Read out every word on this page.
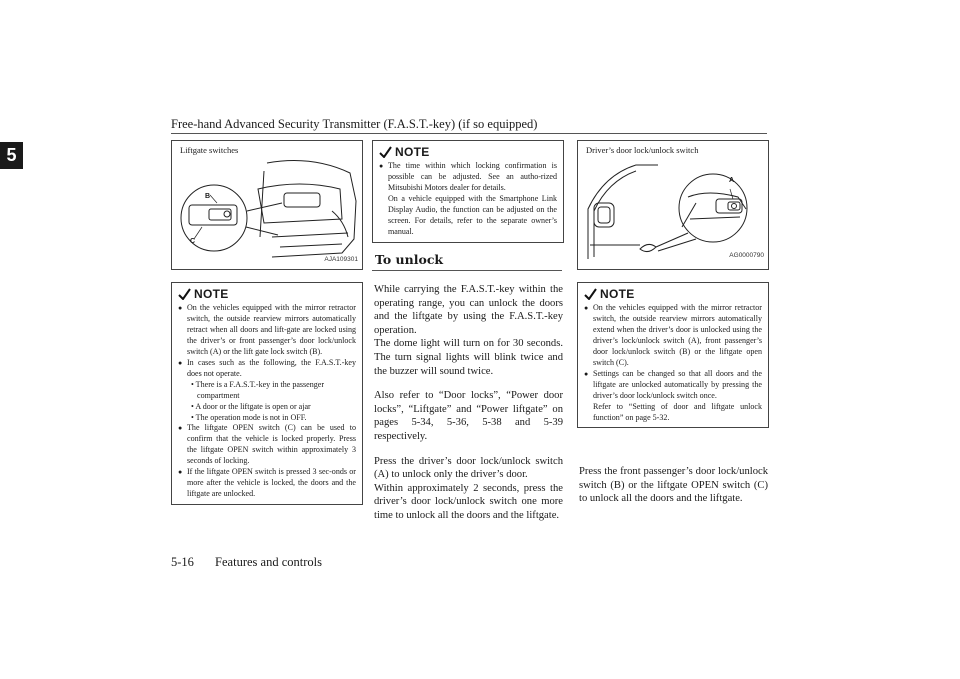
Free-hand Advanced Security Transmitter (F.A.S.T.-key) (if so equipped)
5	Liftgate switches
B
C
AJA109301
NOTE
● On the vehicles equipped with the mirror retractor switch, the outside rearview mirrors automatically retract when all doors and lift-gate are locked using the driver’s or front passenger’s door lock/unlock switch (A) or the lift gate lock switch (B).
● In cases such as the following, the F.A.S.T.-key does not operate.
• There is a F.A.S.T.-key in the passenger
compartment
• A door or the liftgate is open or ajar
• The operation mode is not in OFF.
● The liftgate OPEN switch (C) can be used to confirm that the vehicle is locked properly. Press the liftgate OPEN switch within approximately 3 seconds of locking.
● If the liftgate OPEN switch is pressed 3 sec-onds or more after the vehicle is locked, the doors and the liftgate are unlocked.
NOTE
● The time within which locking confirmation is possible can be adjusted. See an autho-rized Mitsubishi Motors dealer for details.
On a vehicle equipped with the Smartphone Link Display Audio, the function can be adjusted on the screen. For details, refer to the separate owner’s manual.
To unlock

While carrying the F.A.S.T.-key within the operating range, you can unlock the doors and the liftgate by using the F.A.S.T.-key operation.
The dome light will turn on for 30 seconds. The turn signal lights will blink twice and the buzzer will sound twice.

Also refer to “Door locks”, “Power door locks”, “Liftgate” and “Power liftgate” on pages 5-34, 5-36, 5-38 and 5-39 respectively.

Press the driver’s door lock/unlock switch (A) to unlock only the driver’s door.
Within approximately 2 seconds, press the driver’s door lock/unlock switch one more time to unlock all the doors and the liftgate.

Driver’s door lock/unlock switch
A
AG0000790
NOTE
● On the vehicles equipped with the mirror retractor switch, the outside rearview mirrors automatically extend when the driver’s door is unlocked using the driver’s lock/unlock switch (A), front passenger’s door lock/unlock switch (B) or the liftgate open switch (C).
● Settings can be changed so that all doors and the liftgate are unlocked automatically by pressing the driver’s door lock/unlock switch once.
Refer to “Setting of door and liftgate unlock function” on page 5-32.
Press the front passenger’s door lock/unlock switch (B) or the liftgate OPEN switch (C) to unlock all the doors and the liftgate.
5-16 Features and controls
